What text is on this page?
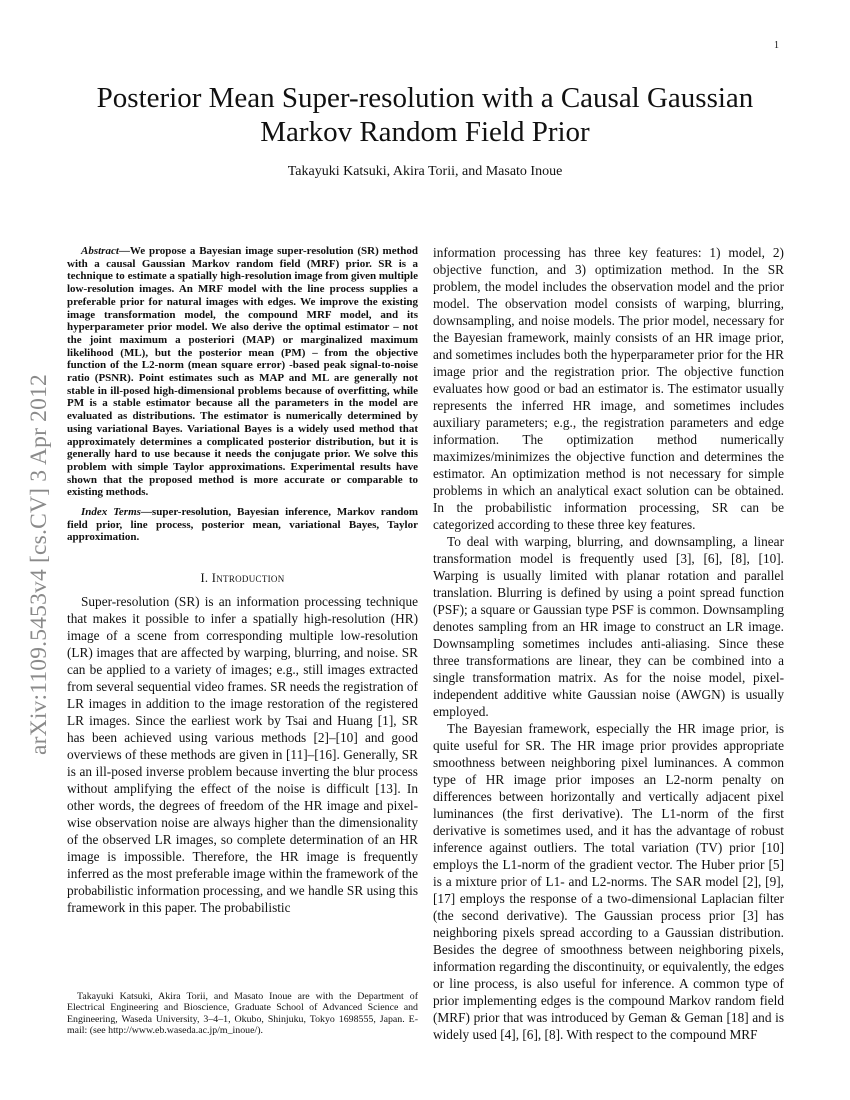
1
arXiv:1109.5453v4 [cs.CV] 3 Apr 2012
Posterior Mean Super-resolution with a Causal Gaussian Markov Random Field Prior
Takayuki Katsuki, Akira Torii, and Masato Inoue

Abstract—We propose a Bayesian image super-resolution (SR) method with a causal Gaussian Markov random field (MRF) prior. SR is a technique to estimate a spatially high-resolution image from given multiple low-resolution images. An MRF model with the line process supplies a preferable prior for natural images with edges. We improve the existing image transformation model, the compound MRF model, and its hyperparameter prior model. We also derive the optimal estimator – not the joint maximum a posteriori (MAP) or marginalized maximum likelihood (ML), but the posterior mean (PM) – from the objective function of the L2-norm (mean square error) -based peak signal-to-noise ratio (PSNR). Point estimates such as MAP and ML are generally not stable in ill-posed high-dimensional problems because of overfitting, while PM is a stable estimator because all the parameters in the model are evaluated as distributions. The estimator is numerically determined by using variational Bayes. Variational Bayes is a widely used method that approximately determines a complicated posterior distribution, but it is generally hard to use because it needs the conjugate prior. We solve this problem with simple Taylor approximations. Experimental results have shown that the proposed method is more accurate or comparable to existing methods.

Index Terms—super-resolution, Bayesian inference, Markov random field prior, line process, posterior mean, variational Bayes, Taylor approximation.

I. Introduction

Super-resolution (SR) is an information processing technique that makes it possible to infer a spatially high-resolution (HR) image of a scene from corresponding multiple low-resolution (LR) images that are affected by warping, blurring, and noise. SR can be applied to a variety of images; e.g., still images extracted from several sequential video frames. SR needs the registration of LR images in addition to the image restoration of the registered LR images. Since the earliest work by Tsai and Huang [1], SR has been achieved using various methods [2]–[10] and good overviews of these methods are given in [11]–[16]. Generally, SR is an ill-posed inverse problem because inverting the blur process without amplifying the effect of the noise is difficult [13]. In other words, the degrees of freedom of the HR image and pixel-wise observation noise are always higher than the dimensionality of the observed LR images, so complete determination of an HR image is impossible. Therefore, the HR image is frequently inferred as the most preferable image within the framework of the probabilistic information processing, and we handle SR using this framework in this paper. The probabilistic

Takayuki Katsuki, Akira Torii, and Masato Inoue are with the Department of Electrical Engineering and Bioscience, Graduate School of Advanced Science and Engineering, Waseda University, 3–4–1, Okubo, Shinjuku, Tokyo 1698555, Japan. E-mail: (see http://www.eb.waseda.ac.jp/m_inoue/).

information processing has three key features: 1) model, 2) objective function, and 3) optimization method. In the SR problem, the model includes the observation model and the prior model. The observation model consists of warping, blurring, downsampling, and noise models. The prior model, necessary for the Bayesian framework, mainly consists of an HR image prior, and sometimes includes both the hyperparameter prior for the HR image prior and the registration prior. The objective function evaluates how good or bad an estimator is. The estimator usually represents the inferred HR image, and sometimes includes auxiliary parameters; e.g., the registration parameters and edge information. The optimization method numerically maximizes/minimizes the objective function and determines the estimator. An optimization method is not necessary for simple problems in which an analytical exact solution can be obtained. In the probabilistic information processing, SR can be categorized according to these three key features.

To deal with warping, blurring, and downsampling, a linear transformation model is frequently used [3], [6], [8], [10]. Warping is usually limited with planar rotation and parallel translation. Blurring is defined by using a point spread function (PSF); a square or Gaussian type PSF is common. Downsampling denotes sampling from an HR image to construct an LR image. Downsampling sometimes includes anti-aliasing. Since these three transformations are linear, they can be combined into a single transformation matrix. As for the noise model, pixel-independent additive white Gaussian noise (AWGN) is usually employed.

The Bayesian framework, especially the HR image prior, is quite useful for SR. The HR image prior provides appropriate smoothness between neighboring pixel luminances. A common type of HR image prior imposes an L2-norm penalty on differences between horizontally and vertically adjacent pixel luminances (the first derivative). The L1-norm of the first derivative is sometimes used, and it has the advantage of robust inference against outliers. The total variation (TV) prior [10] employs the L1-norm of the gradient vector. The Huber prior [5] is a mixture prior of L1- and L2-norms. The SAR model [2], [9], [17] employs the response of a two-dimensional Laplacian filter (the second derivative). The Gaussian process prior [3] has neighboring pixels spread according to a Gaussian distribution. Besides the degree of smoothness between neighboring pixels, information regarding the discontinuity, or equivalently, the edges or line process, is also useful for inference. A common type of prior implementing edges is the compound Markov random field (MRF) prior that was introduced by Geman & Geman [18] and is widely used [4], [6], [8]. With respect to the compound MRF
